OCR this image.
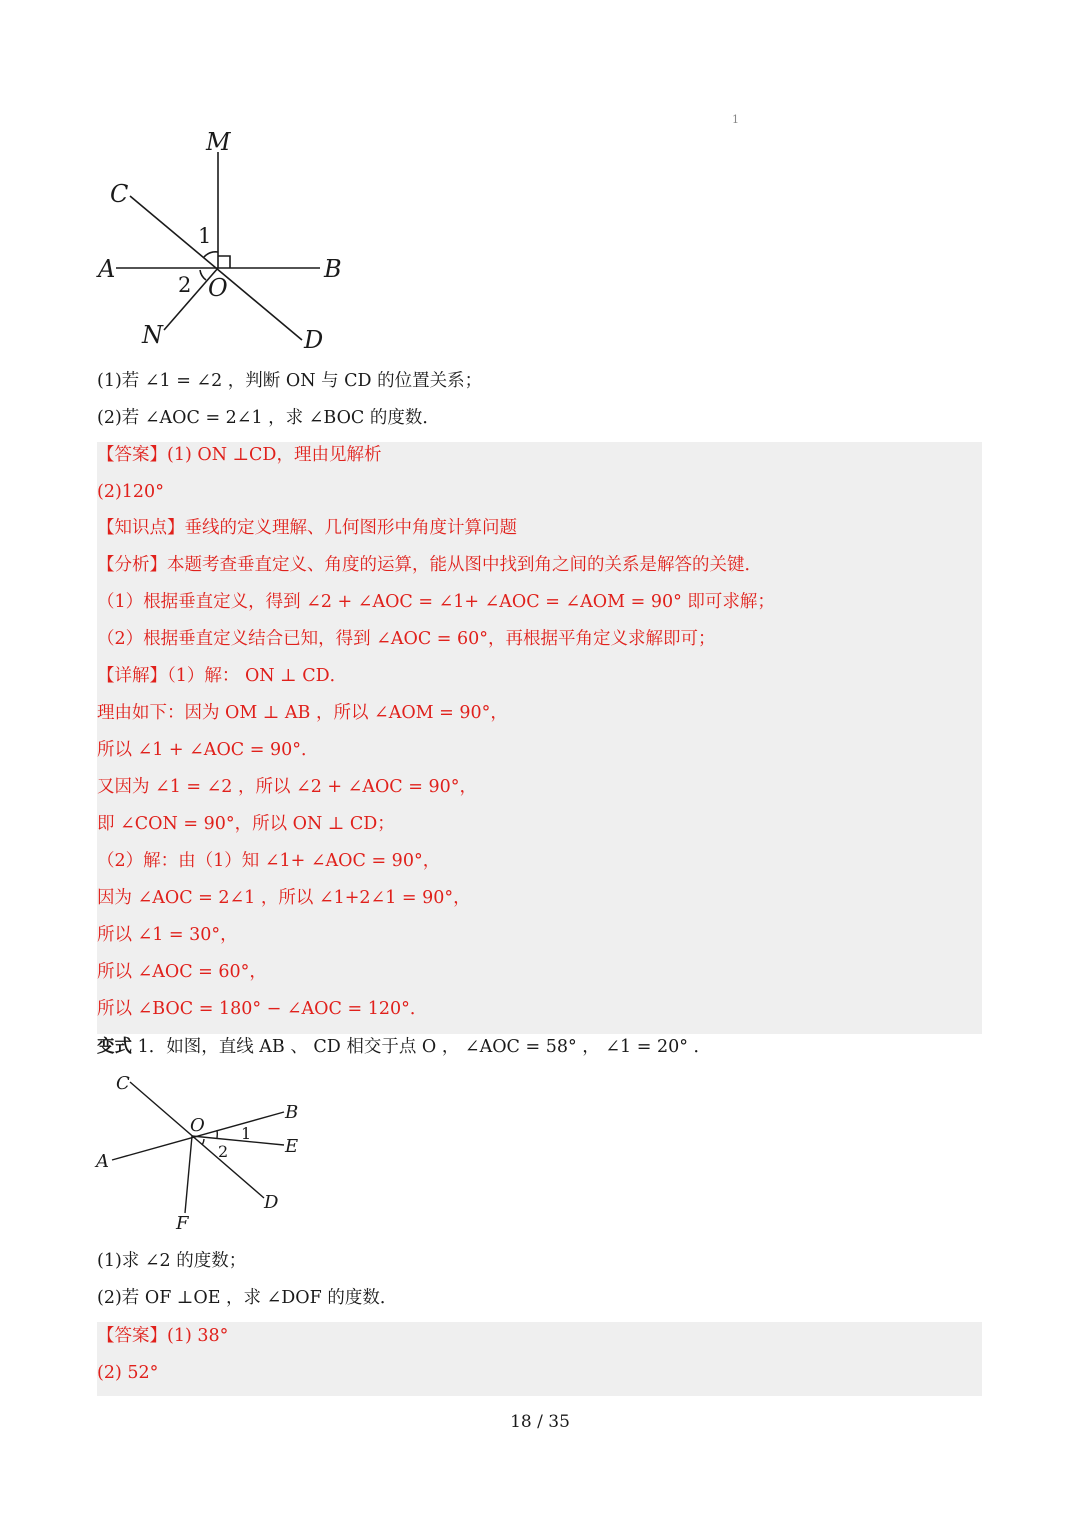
1
M
C
A	B
N	D
O
1
2
(1)若 ∠1 = ∠2 ，判断 ON 与 CD 的位置关系；
(2)若 ∠AOC = 2∠1 ，求 ∠BOC 的度数．
【答案】(1) ON ⊥CD，理由见解析
(2)120°
【知识点】垂线的定义理解、几何图形中角度计算问题
【分析】本题考查垂直定义、角度的运算，能从图中找到角之间的关系是解答的关键．
（1）根据垂直定义，得到 ∠2 + ∠AOC = ∠1+ ∠AOC = ∠AOM = 90° 即可求解；
（2）根据垂直定义结合已知，得到 ∠AOC = 60°，再根据平角定义求解即可；
【详解】（1）解： ON ⊥ CD．
理由如下：因为 OM ⊥ AB ，所以 ∠AOM = 90°，
所以 ∠1 + ∠AOC = 90°．
又因为 ∠1 = ∠2 ，所以 ∠2 + ∠AOC = 90°，
即 ∠CON = 90°，所以 ON ⊥ CD；
（2）解：由（1）知 ∠1+ ∠AOC = 90°，
因为 ∠AOC = 2∠1 ，所以 ∠1+2∠1 = 90°，
所以 ∠1 = 30°，
所以 ∠AOC = 60°，
所以 ∠BOC = 180° − ∠AOC = 120°．
变式 1．如图，直线 AB 、 CD 相交于点 O ， ∠AOC = 58° ， ∠1 = 20° ．
C
O
B
E
A
D
F
1
2
(1)求 ∠2 的度数；
(2)若 OF ⊥OE ，求 ∠DOF 的度数．
【答案】(1) 38°
(2) 52°
18 / 35
